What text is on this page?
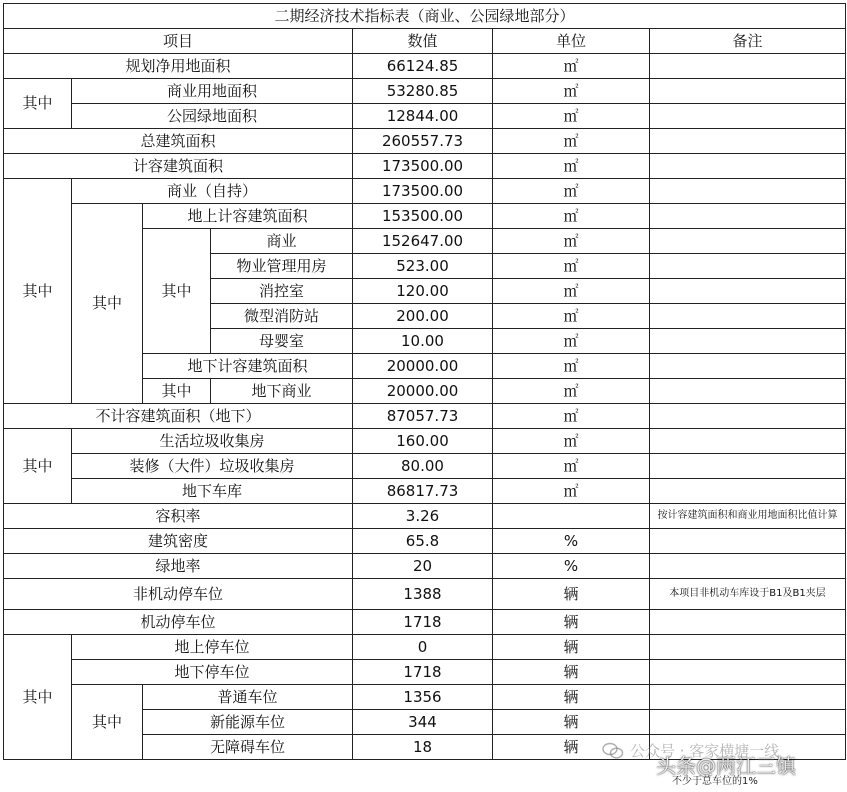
二期经济技术指标表（商业、公园绿地部分）						
项目				数值	单位	备注
规划净用地面积				66124.85	㎡	
其中	商业用地面积			53280.85	㎡	
	公园绿地面积			12844.00	㎡	
总建筑面积				260557.73	㎡	
计容建筑面积				173500.00	㎡	
其中	商业（自持）			173500.00	㎡	
	其中	地上计容建筑面积		153500.00	㎡	
		其中	商业	152647.00	㎡	
			物业管理用房	523.00	㎡	
			消控室	120.00	㎡	
			微型消防站	200.00	㎡	
			母婴室	10.00	㎡	
		地下计容建筑面积		20000.00	㎡	
		其中	地下商业	20000.00	㎡	
不计容建筑面积（地下）				87057.73	㎡	
其中	生活垃圾收集房			160.00	㎡	
	装修（大件）垃圾收集房			80.00	㎡	
	地下车库			86817.73	㎡	
容积率				3.26		按计容建筑面积和商业用地面积比值计算
建筑密度				65.8	%	
绿地率				20	%	
非机动停车位				1388	辆	本项目非机动车库设于B1及B1夹层
机动停车位				1718	辆	
其中	地上停车位			0	辆	
	地下停车位			1718	辆	
	其中	普通车位		1356	辆	
		新能源车位		344	辆	
		无障碍车位		18	辆		公众号 · 客家横塘一线
头条@两江三镇
不少于总车位的1%
